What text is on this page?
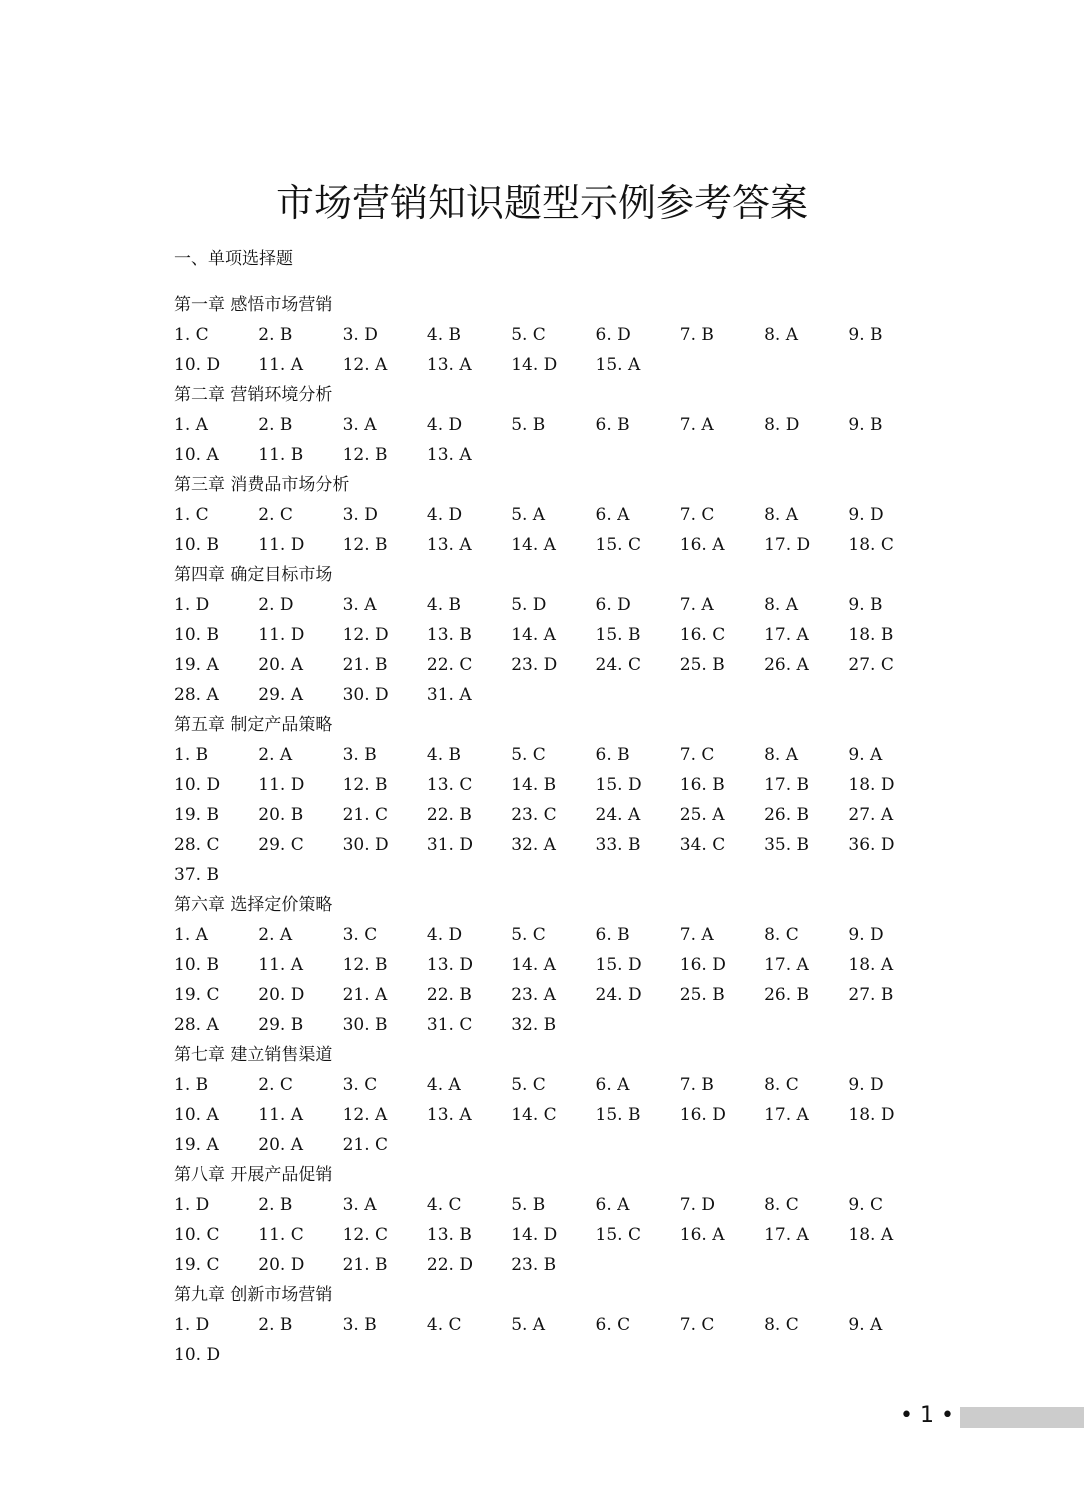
市场营销知识题型示例参考答案
一、单项选择题
第一章 感悟市场营销
1. C	2. B	3. D	4. B	5. C	6. D	7. B	8. A	9. B
10. D 11. A 12. A 13. A 14. D 15. A
第二章 营销环境分析
1. A	2. B	3. A	4. D	5. B	6. B	7. A	8. D	9. B
10. A 11. B 12. B 13. A
第三章 消费品市场分析
1. C	2. C	3. D	4. D	5. A	6. A	7. C	8. A	9. D
10. B 11. D 12. B 13. A 14. A 15. C 16. A 17. D 18. C
第四章 确定目标市场
1. D	2. D	3. A	4. B	5. D	6. D	7. A	8. A	9. B
10. B 11. D 12. D 13. B 14. A 15. B 16. C 17. A 18. B
19. A 20. A 21. B 22. C 23. D 24. C 25. B 26. A 27. C
28. A 29. A 30. D 31. A
第五章 制定产品策略
1. B	2. A	3. B	4. B	5. C	6. B	7. C	8. A	9. A
10. D 11. D 12. B 13. C 14. B 15. D 16. B 17. B 18. D
19. B 20. B 21. C 22. B 23. C 24. A 25. A 26. B 27. A
28. C 29. C 30. D 31. D 32. A 33. B 34. C 35. B 36. D
37. B
第六章 选择定价策略
1. A	2. A	3. C	4. D	5. C	6. B	7. A	8. C	9. D
10. B 11. A 12. B 13. D 14. A 15. D 16. D 17. A 18. A
19. C 20. D 21. A 22. B 23. A 24. D 25. B 26. B 27. B
28. A 29. B 30. B 31. C 32. B
第七章 建立销售渠道
1. B	2. C	3. C	4. A	5. C	6. A	7. B	8. C	9. D
10. A 11. A 12. A 13. A 14. C 15. B 16. D 17. A 18. D
19. A 20. A 21. C
第八章 开展产品促销
1. D	2. B	3. A	4. C	5. B	6. A	7. D	8. C	9. C
10. C 11. C 12. C 13. B 14. D 15. C 16. A 17. A 18. A
19. C 20. D 21. B 22. D 23. B
第九章 创新市场营销
1. D	2. B	3. B	4. C	5. A	6. C	7. C	8. C	9. A
10. D
• 1 •
